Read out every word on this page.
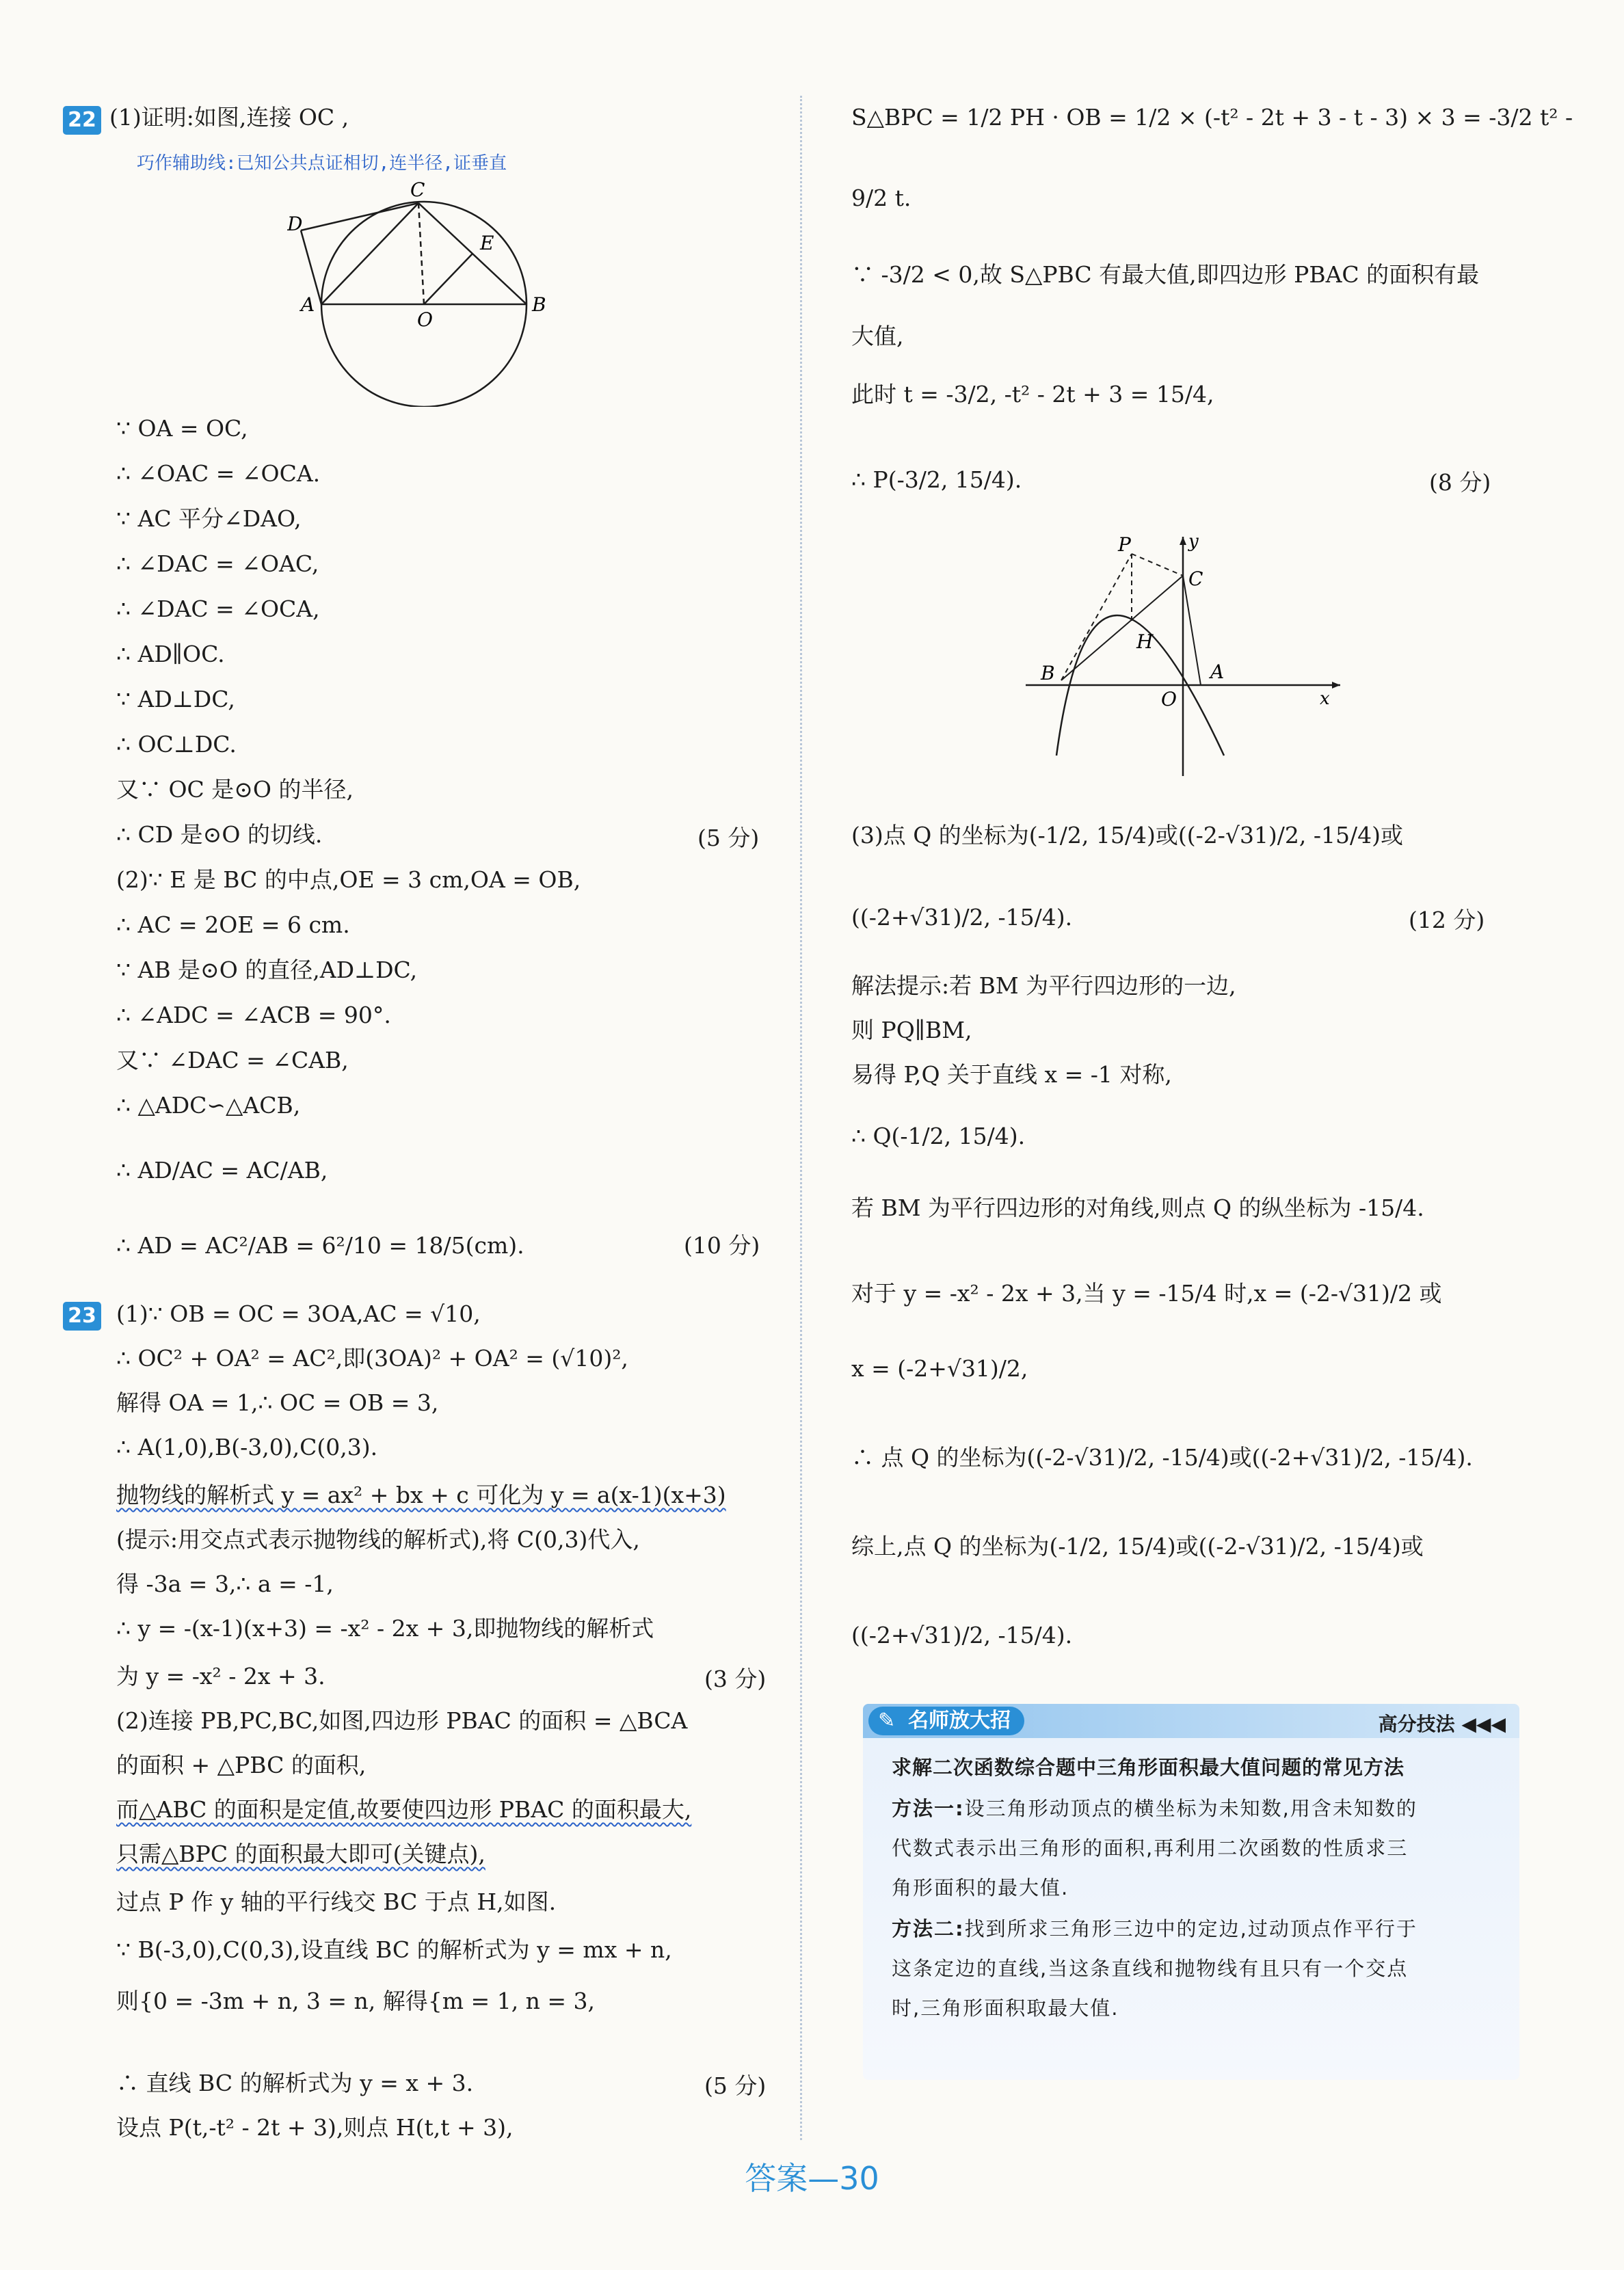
22 (1)证明:如图,连接 OC ,
巧作辅助线:已知公共点证相切,连半径,证垂直
C
D
E
A
O
B
∵ OA = OC,
∴ ∠OAC = ∠OCA.
∵ AC 平分∠DAO,
∴ ∠DAC = ∠OAC,
∴ ∠DAC = ∠OCA,
∴ AD∥OC.
∵ AD⊥DC,
∴ OC⊥DC.
又∵ OC 是⊙O 的半径,
∴ CD 是⊙O 的切线.
(2)∵ E 是 BC 的中点,OE = 3 cm,OA = OB,
∴ AC = 2OE = 6 cm.
∵ AB 是⊙O 的直径,AD⊥DC,
∴ ∠ADC = ∠ACB = 90°.
又∵ ∠DAC = ∠CAB,
∴ △ADC∽△ACB,
∴ AD/AC = AC/AB,
∴ AD = AC²/AB = 6²/10 = 18/5(cm).
(5 分)
(10 分)
23 (1)∵ OB = OC = 3OA,AC = √10,
∴ OC² + OA² = AC²,即(3OA)² + OA² = (√10)²,
解得 OA = 1,∴ OC = OB = 3,
∴ A(1,0),B(-3,0),C(0,3).
抛物线的解析式 y = ax² + bx + c 可化为 y = a(x-1)(x+3)
(提示:用交点式表示抛物线的解析式),将 C(0,3)代入,
得 -3a = 3,∴ a = -1,
∴ y = -(x-1)(x+3) = -x² - 2x + 3,即抛物线的解析式
为 y = -x² - 2x + 3.
(2)连接 PB,PC,BC,如图,四边形 PBAC 的面积 = △BCA
的面积 + △PBC 的面积,
而△ABC 的面积是定值,故要使四边形 PBAC 的面积最大,
只需△BPC 的面积最大即可(关键点),
过点 P 作 y 轴的平行线交 BC 于点 H,如图.
∵ B(-3,0),C(0,3),设直线 BC 的解析式为 y = mx + n,
则{0 = -3m + n, 3 = n, 解得{m = 1, n = 3,
∴ 直线 BC 的解析式为 y = x + 3.
设点 P(t,-t² - 2t + 3),则点 H(t,t + 3),
(3 分)
(5 分)
S△BPC = 1/2 PH · OB = 1/2 × (-t² - 2t + 3 - t - 3) × 3 = -3/2 t² -
9/2 t.
∵ -3/2 < 0,故 S△PBC 有最大值,即四边形 PBAC 的面积有最
大值,
此时 t = -3/2, -t² - 2t + 3 = 15/4,
∴ P(-3/2, 15/4).
(3)点 Q 的坐标为(-1/2, 15/4)或((-2-√31)/2, -15/4)或
((-2+√31)/2, -15/4).
解法提示:若 BM 为平行四边形的一边,
则 PQ∥BM,
易得 P,Q 关于直线 x = -1 对称,
∴ Q(-1/2, 15/4).
若 BM 为平行四边形的对角线,则点 Q 的纵坐标为 -15/4.
对于 y = -x² - 2x + 3,当 y = -15/4 时,x = (-2-√31)/2 或
x = (-2+√31)/2,
∴ 点 Q 的坐标为((-2-√31)/2, -15/4)或((-2+√31)/2, -15/4).
综上,点 Q 的坐标为(-1/2, 15/4)或((-2-√31)/2, -15/4)或
((-2+√31)/2, -15/4).
(8 分)
(12 分)
P	y
C
H
B	A
O	x
✎ 名师放大招	高分技法 ◀◀◀
求解二次函数综合题中三角形面积最大值问题的常见方法
方法一:设三角形动顶点的横坐标为未知数,用含未知数的
代数式表示出三角形的面积,再利用二次函数的性质求三
角形面积的最大值.
方法二:找到所求三角形三边中的定边,过动顶点作平行于
这条定边的直线,当这条直线和抛物线有且只有一个交点
时,三角形面积取最大值.
答案—30
